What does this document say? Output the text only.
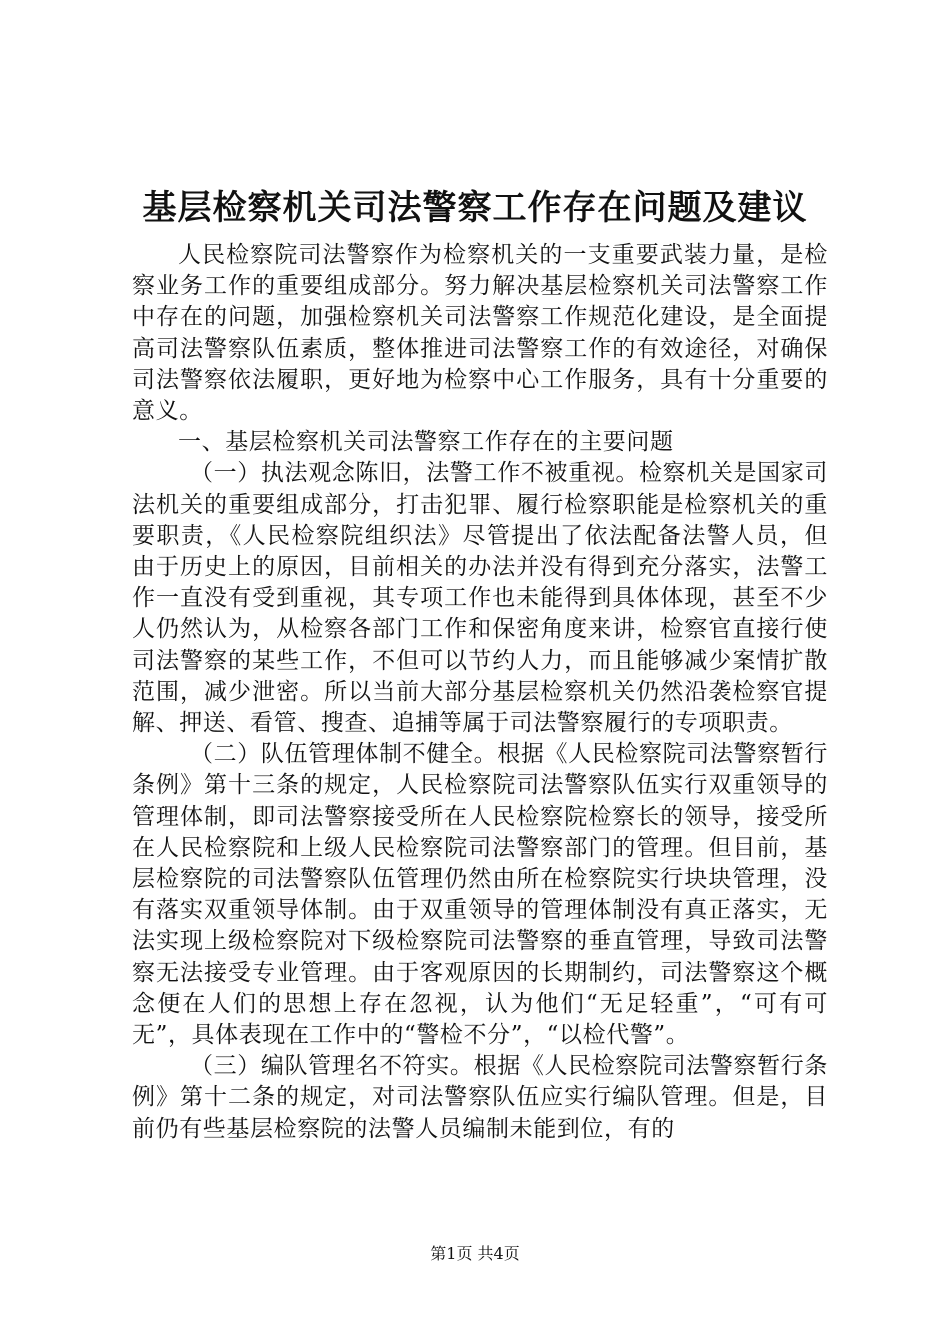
基层检察机关司法警察工作存在问题及建议

人民检察院司法警察作为检察机关的一支重要武装力量，是检察业务工作的重要组成部分。努力解决基层检察机关司法警察工作中存在的问题，加强检察机关司法警察工作规范化建设，是全面提高司法警察队伍素质，整体推进司法警察工作的有效途径，对确保司法警察依法履职，更好地为检察中心工作服务，具有十分重要的意义。

一、基层检察机关司法警察工作存在的主要问题

（一）执法观念陈旧，法警工作不被重视。检察机关是国家司法机关的重要组成部分，打击犯罪、履行检察职能是检察机关的重要职责，《人民检察院组织法》尽管提出了依法配备法警人员，但由于历史上的原因，目前相关的办法并没有得到充分落实，法警工作一直没有受到重视，其专项工作也未能得到具体体现，甚至不少人仍然认为，从检察各部门工作和保密角度来讲，检察官直接行使司法警察的某些工作，不但可以节约人力，而且能够减少案情扩散范围，减少泄密。所以当前大部分基层检察机关仍然沿袭检察官提解、押送、看管、搜查、追捕等属于司法警察履行的专项职责。

（二）队伍管理体制不健全。根据《人民检察院司法警察暂行条例》第十三条的规定，人民检察院司法警察队伍实行双重领导的管理体制，即司法警察接受所在人民检察院检察长的领导，接受所在人民检察院和上级人民检察院司法警察部门的管理。但目前，基层检察院的司法警察队伍管理仍然由所在检察院实行块块管理，没有落实双重领导体制。由于双重领导的管理体制没有真正落实，无法实现上级检察院对下级检察院司法警察的垂直管理，导致司法警察无法接受专业管理。由于客观原因的长期制约，司法警察这个概念便在人们的思想上存在忽视，认为他们“无足轻重”，“可有可无”，具体表现在工作中的“警检不分”，“以检代警”。

（三）编队管理名不符实。根据《人民检察院司法警察暂行条例》第十二条的规定，对司法警察队伍应实行编队管理。但是，目前仍有些基层检察院的法警人员编制未能到位，有的

第1页 共4页
